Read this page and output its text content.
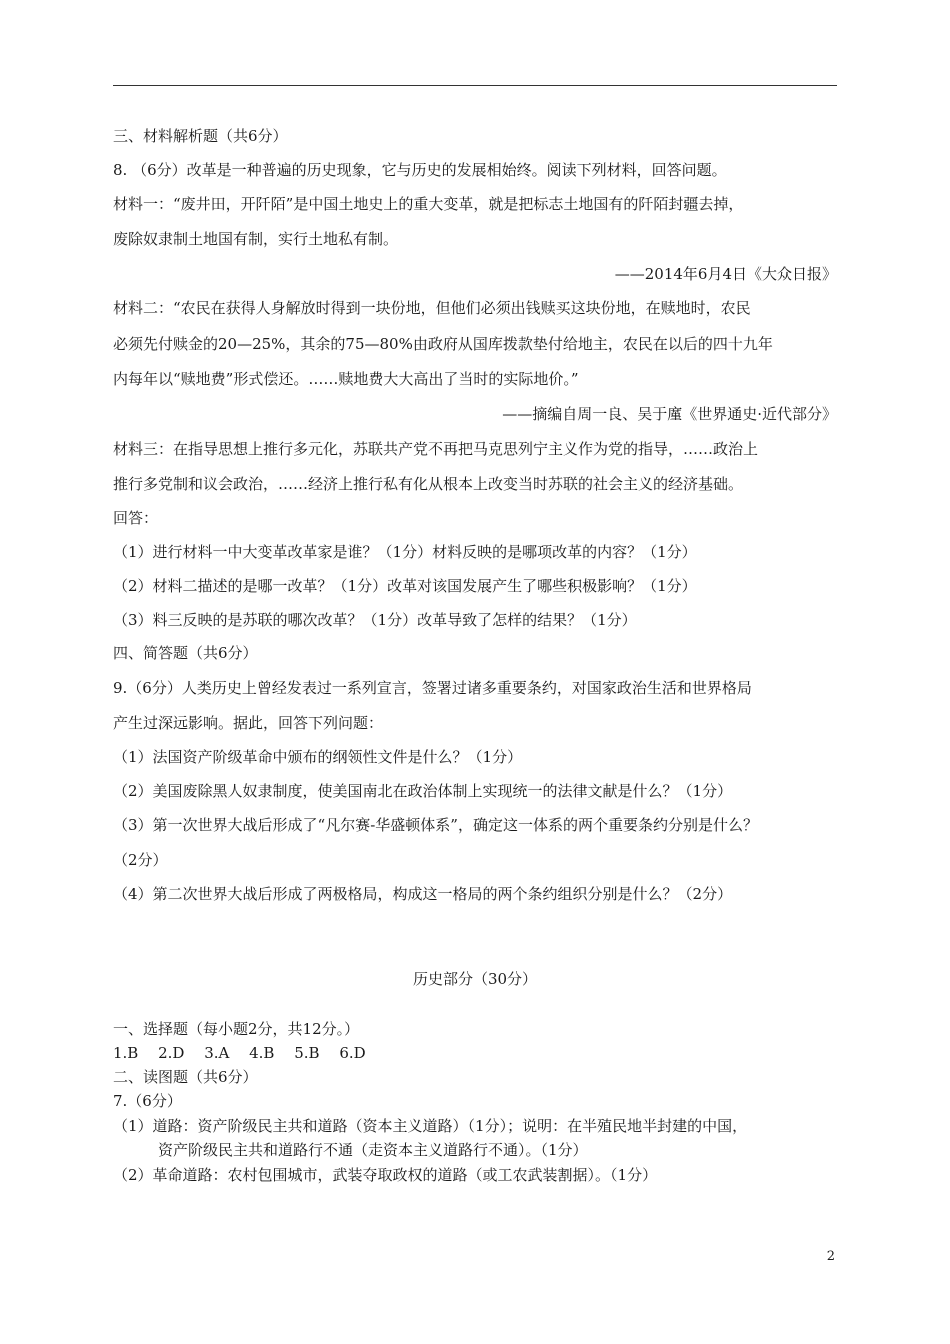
三、材料解析题（共6分）
8. （6分）改革是一种普遍的历史现象，它与历史的发展相始终。阅读下列材料，回答问题。
材料一：“废井田，开阡陌”是中国土地史上的重大变革，就是把标志土地国有的阡陌封疆去掉，
废除奴隶制土地国有制，实行土地私有制。
——2014年6月4日《大众日报》
材料二：“农民在获得人身解放时得到一块份地，但他们必须出钱赎买这块份地，在赎地时，农民
必须先付赎金的20—25%，其余的75—80%由政府从国库拨款垫付给地主，农民在以后的四十九年
内每年以“赎地费”形式偿还。……赎地费大大高出了当时的实际地价。”
——摘编自周一良、吴于廑《世界通史·近代部分》
材料三：在指导思想上推行多元化，苏联共产党不再把马克思列宁主义作为党的指导，……政治上
推行多党制和议会政治，……经济上推行私有化从根本上改变当时苏联的社会主义的经济基础。
回答：
（1）进行材料一中大变革改革家是谁？（1分）材料反映的是哪项改革的内容？（1分）
（2）材料二描述的是哪一改革？（1分）改革对该国发展产生了哪些积极影响？（1分）
（3）料三反映的是苏联的哪次改革？（1分）改革导致了怎样的结果？（1分）
四、简答题（共6分）
9.（6分）人类历史上曾经发表过一系列宣言，签署过诸多重要条约，对国家政治生活和世界格局
产生过深远影响。据此，回答下列问题：
（1）法国资产阶级革命中颁布的纲领性文件是什么？（1分）
（2）美国废除黑人奴隶制度，使美国南北在政治体制上实现统一的法律文献是什么？（1分）
（3）第一次世界大战后形成了“凡尔赛-华盛顿体系”，确定这一体系的两个重要条约分别是什么？
（2分）
（4）第二次世界大战后形成了两极格局，构成这一格局的两个条约组织分别是什么？（2分）
历史部分（30分）
一、选择题（每小题2分，共12分。）
1.B　 2.D　 3.A　 4.B　 5.B　 6.D
二、读图题（共6分）
7.（6分）
（1）道路：资产阶级民主共和道路（资本主义道路）（1分）；说明：在半殖民地半封建的中国，
资产阶级民主共和道路行不通（走资本主义道路行不通）。（1分）
（2）革命道路：农村包围城市，武装夺取政权的道路（或工农武装割据）。（1分）
2
